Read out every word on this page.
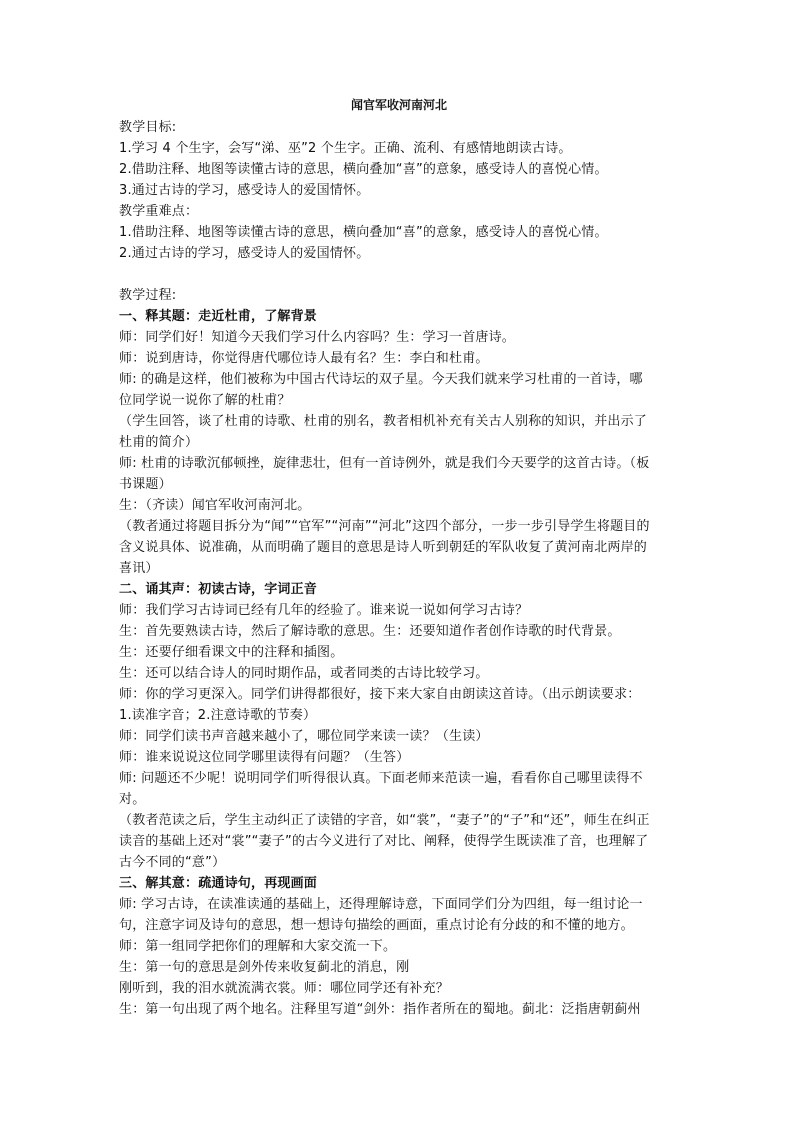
闻官军收河南河北

教学目标:

1.学习 4 个生字，会写“涕、巫”2 个生字。正确、流利、有感情地朗读古诗。

2.借助注释、地图等读懂古诗的意思，横向叠加“喜”的意象，感受诗人的喜悦心情。

3.通过古诗的学习，感受诗人的爱国情怀。

教学重难点：

1.借助注释、地图等读懂古诗的意思，横向叠加“喜”的意象，感受诗人的喜悦心情。

2.通过古诗的学习，感受诗人的爱国情怀。

教学过程:

一、释其题：走近杜甫，了解背景

师：同学们好！知道今天我们学习什么内容吗？生：学习一首唐诗。

师：说到唐诗，你觉得唐代哪位诗人最有名？生：李白和杜甫。

师: 的确是这样，他们被称为中国古代诗坛的双子星。今天我们就来学习杜甫的一首诗，哪

位同学说一说你了解的杜甫？

（学生回答，谈了杜甫的诗歌、杜甫的别名，教者相机补充有关古人别称的知识，并出示了

杜甫的简介）

师: 杜甫的诗歌沉郁顿挫，旋律悲壮，但有一首诗例外，就是我们今天要学的这首古诗。（板

书课题）

生：（齐读）闻官军收河南河北。

（教者通过将题目拆分为“闻”“官军”“河南”“河北”这四个部分，一步一步引导学生将题目的

含义说具体、说准确，从而明确了题目的意思是诗人听到朝廷的军队收复了黄河南北两岸的

喜讯）

二、诵其声：初读古诗，字词正音

师：我们学习古诗词已经有几年的经验了。谁来说一说如何学习古诗？

生：首先要熟读古诗，然后了解诗歌的意思。生：还要知道作者创作诗歌的时代背景。

生：还要仔细看课文中的注释和插图。

生：还可以结合诗人的同时期作品，或者同类的古诗比较学习。

师：你的学习更深入。同学们讲得都很好，接下来大家自由朗读这首诗。（出示朗读要求：

1.读准字音；2.注意诗歌的节奏）

师：同学们读书声音越来越小了，哪位同学来读一读？（生读）

师：谁来说说这位同学哪里读得有问题？（生答）

师: 问题还不少呢！说明同学们听得很认真。下面老师来范读一遍，看看你自己哪里读得不

对。

（教者范读之后，学生主动纠正了读错的字音，如“裳”，“妻子”的“子”和“还”，师生在纠正

读音的基础上还对“裳”“妻子”的古今义进行了对比、阐释，使得学生既读准了音，也理解了

古今不同的“意”）

三、解其意：疏通诗句，再现画面

师: 学习古诗，在读准读通的基础上，还得理解诗意，下面同学们分为四组，每一组讨论一

句，注意字词及诗句的意思，想一想诗句描绘的画面，重点讨论有分歧的和不懂的地方。

师：第一组同学把你们的理解和大家交流一下。

生：第一句的意思是剑外传来收复蓟北的消息，刚

刚听到，我的泪水就流满衣裳。师：哪位同学还有补充？

生：第一句出现了两个地名。注释里写道“剑外：指作者所在的蜀地。蓟北：泛指唐朝蓟州
